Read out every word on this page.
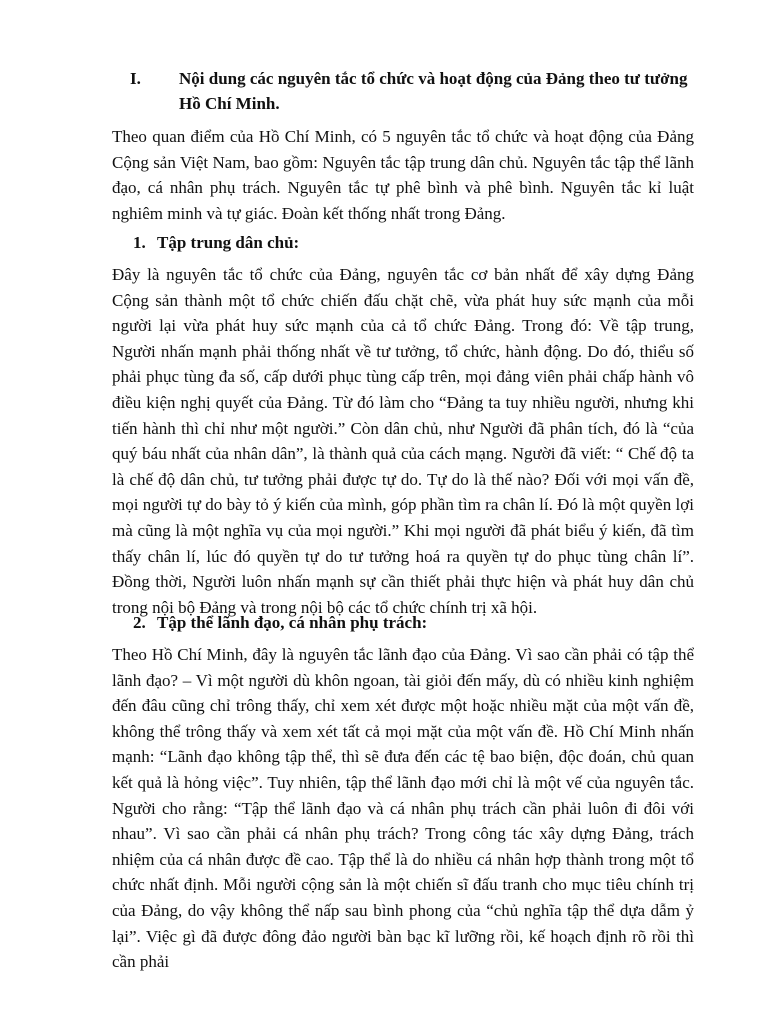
I. Nội dung các nguyên tắc tổ chức và hoạt động của Đảng theo tư tưởng Hồ Chí Minh.

Theo quan điểm của Hồ Chí Minh, có 5 nguyên tắc tổ chức và hoạt động của Đảng Cộng sản Việt Nam, bao gồm: Nguyên tắc tập trung dân chủ. Nguyên tắc tập thể lãnh đạo, cá nhân phụ trách. Nguyên tắc tự phê bình và phê bình. Nguyên tắc kỉ luật nghiêm minh và tự giác. Đoàn kết thống nhất trong Đảng.

1. Tập trung dân chủ:

Đây là nguyên tắc tổ chức của Đảng, nguyên tắc cơ bản nhất để xây dựng Đảng Cộng sản thành một tổ chức chiến đấu chặt chẽ, vừa phát huy sức mạnh của mỗi người lại vừa phát huy sức mạnh của cả tổ chức Đảng. Trong đó: Về tập trung, Người nhấn mạnh phải thống nhất về tư tưởng, tổ chức, hành động. Do đó, thiểu số phải phục tùng đa số, cấp dưới phục tùng cấp trên, mọi đảng viên phải chấp hành vô điều kiện nghị quyết của Đảng. Từ đó làm cho “Đảng ta tuy nhiều người, nhưng khi tiến hành thì chỉ như một người.” Còn dân chủ, như Người đã phân tích, đó là “của quý báu nhất của nhân dân”, là thành quả của cách mạng. Người đã viết: “ Chế độ ta là chế độ dân chủ, tư tưởng phải được tự do. Tự do là thế nào? Đối với mọi vấn đề, mọi người tự do bày tỏ ý kiến của mình, góp phần tìm ra chân lí. Đó là một quyền lợi mà cũng là một nghĩa vụ của mọi người.” Khi mọi người đã phát biểu ý kiến, đã tìm thấy chân lí, lúc đó quyền tự do tư tưởng hoá ra quyền tự do phục tùng chân lí”. Đồng thời, Người luôn nhấn mạnh sự cần thiết phải thực hiện và phát huy dân chủ trong nội bộ Đảng và trong nội bộ các tổ chức chính trị xã hội.

2. Tập thể lãnh đạo, cá nhân phụ trách:

Theo Hồ Chí Minh, đây là nguyên tắc lãnh đạo của Đảng. Vì sao cần phải có tập thể lãnh đạo? – Vì một người dù khôn ngoan, tài giỏi đến mấy, dù có nhiều kinh nghiệm đến đâu cũng chỉ trông thấy, chỉ xem xét được một hoặc nhiều mặt của một vấn đề, không thể trông thấy và xem xét tất cả mọi mặt của một vấn đề. Hồ Chí Minh nhấn mạnh: “Lãnh đạo không tập thể, thì sẽ đưa đến các tệ bao biện, độc đoán, chủ quan kết quả là hỏng việc”. Tuy nhiên, tập thể lãnh đạo mới chỉ là một vế của nguyên tắc. Người cho rằng: “Tập thể lãnh đạo và cá nhân phụ trách cần phải luôn đi đôi với nhau”. Vì sao cần phải cá nhân phụ trách? Trong công tác xây dựng Đảng, trách nhiệm của cá nhân được đề cao. Tập thể là do nhiều cá nhân hợp thành trong một tổ chức nhất định. Mỗi người cộng sản là một chiến sĩ đấu tranh cho mục tiêu chính trị của Đảng, do vậy không thể nấp sau bình phong của “chủ nghĩa tập thể dựa dẫm ỷ lại”. Việc gì đã được đông đảo người bàn bạc kĩ lưỡng rồi, kế hoạch định rõ rồi thì cần phải
